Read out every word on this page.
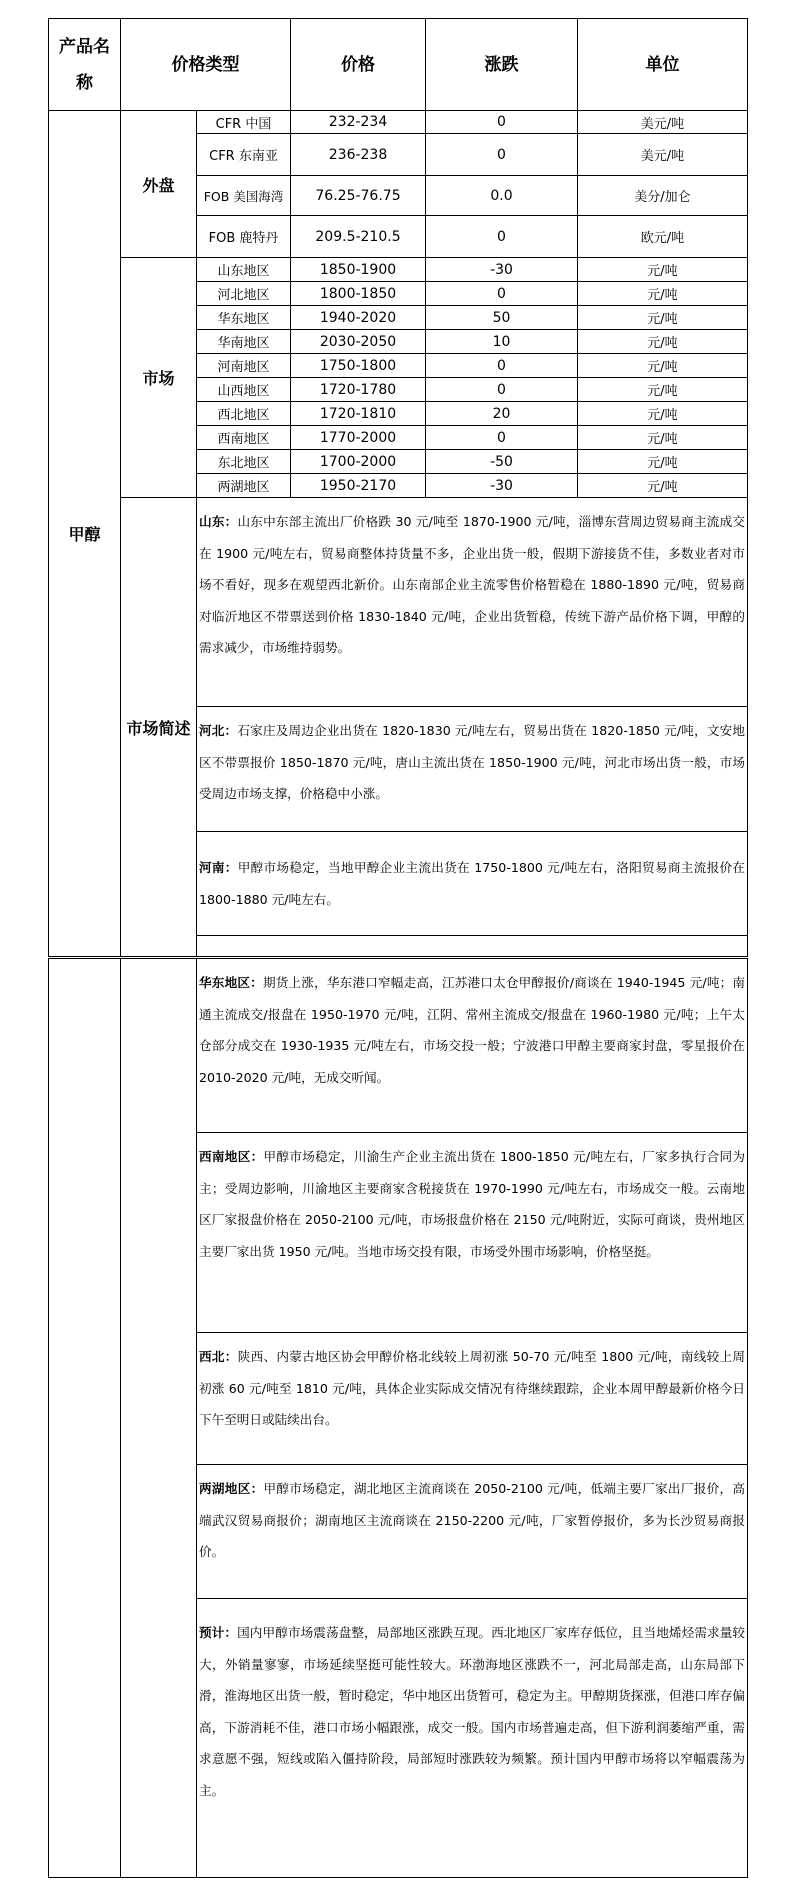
产品名称
价格类型	价格	涨跌	单位
甲醇
外盘
市场
市场简述
CFR 中国	232-234	0	美元/吨
CFR 东南亚	236-238	0	美元/吨
FOB 美国海湾	76.25-76.75	0.0	美分/加仑
FOB 鹿特丹	209.5-210.5	0	欧元/吨
山东地区	1850-1900	-30	元/吨
河北地区	1800-1850	0	元/吨
华东地区	1940-2020	50	元/吨
华南地区	2030-2050	10	元/吨
河南地区	1750-1800	0	元/吨
山西地区	1720-1780	0	元/吨
西北地区	1720-1810	20	元/吨
西南地区	1770-2000	0	元/吨
东北地区	1700-2000	-50	元/吨
两湖地区	1950-2170	-30	元/吨
山东：山东中东部主流出厂价格跌 30 元/吨至 1870-1900 元/吨，淄博东营周边贸易商主流成交在 1900 元/吨左右，贸易商整体持货量不多，企业出货一般，假期下游接货不佳，多数业者对市场不看好，现多在观望西北新价。山东南部企业主流零售价格暂稳在 1880-1890 元/吨，贸易商对临沂地区不带票送到价格 1830-1840 元/吨，企业出货暂稳，传统下游产品价格下调，甲醇的需求减少，市场维持弱势。
河北：石家庄及周边企业出货在 1820-1830 元/吨左右，贸易出货在 1820-1850 元/吨，文安地区不带票报价 1850-1870 元/吨，唐山主流出货在 1850-1900 元/吨，河北市场出货一般，市场受周边市场支撑，价格稳中小涨。
河南：甲醇市场稳定，当地甲醇企业主流出货在 1750-1800 元/吨左右，洛阳贸易商主流报价在 1800-1880 元/吨左右。
华东地区：期货上涨，华东港口窄幅走高，江苏港口太仓甲醇报价/商谈在 1940-1945 元/吨；南通主流成交/报盘在 1950-1970 元/吨，江阴、常州主流成交/报盘在 1960-1980 元/吨；上午太仓部分成交在 1930-1935 元/吨左右，市场交投一般；宁波港口甲醇主要商家封盘，零星报价在 2010-2020 元/吨，无成交听闻。
西南地区：甲醇市场稳定，川渝生产企业主流出货在 1800-1850 元/吨左右，厂家多执行合同为主；受周边影响，川渝地区主要商家含税接货在 1970-1990 元/吨左右，市场成交一般。云南地区厂家报盘价格在 2050-2100 元/吨，市场报盘价格在 2150 元/吨附近，实际可商谈，贵州地区主要厂家出货 1950 元/吨。当地市场交投有限，市场受外围市场影响，价格坚挺。
西北：陕西、内蒙古地区协会甲醇价格北线较上周初涨 50-70 元/吨至 1800 元/吨，南线较上周初涨 60 元/吨至 1810 元/吨，具体企业实际成交情况有待继续跟踪，企业本周甲醇最新价格今日下午至明日或陆续出台。
两湖地区：甲醇市场稳定，湖北地区主流商谈在 2050-2100 元/吨，低端主要厂家出厂报价，高端武汉贸易商报价；湖南地区主流商谈在 2150-2200 元/吨，厂家暂停报价，多为长沙贸易商报价。
预计：国内甲醇市场震荡盘整，局部地区涨跌互现。西北地区厂家库存低位，且当地烯烃需求量较大，外销量寥寥，市场延续坚挺可能性较大。环渤海地区涨跌不一，河北局部走高，山东局部下滑，淮海地区出货一般，暂时稳定，华中地区出货暂可，稳定为主。甲醇期货探涨，但港口库存偏高，下游消耗不佳，港口市场小幅跟涨，成交一般。国内市场普遍走高，但下游利润萎缩严重，需求意愿不强，短线或陷入僵持阶段，局部短时涨跌较为频繁。预计国内甲醇市场将以窄幅震荡为主。
